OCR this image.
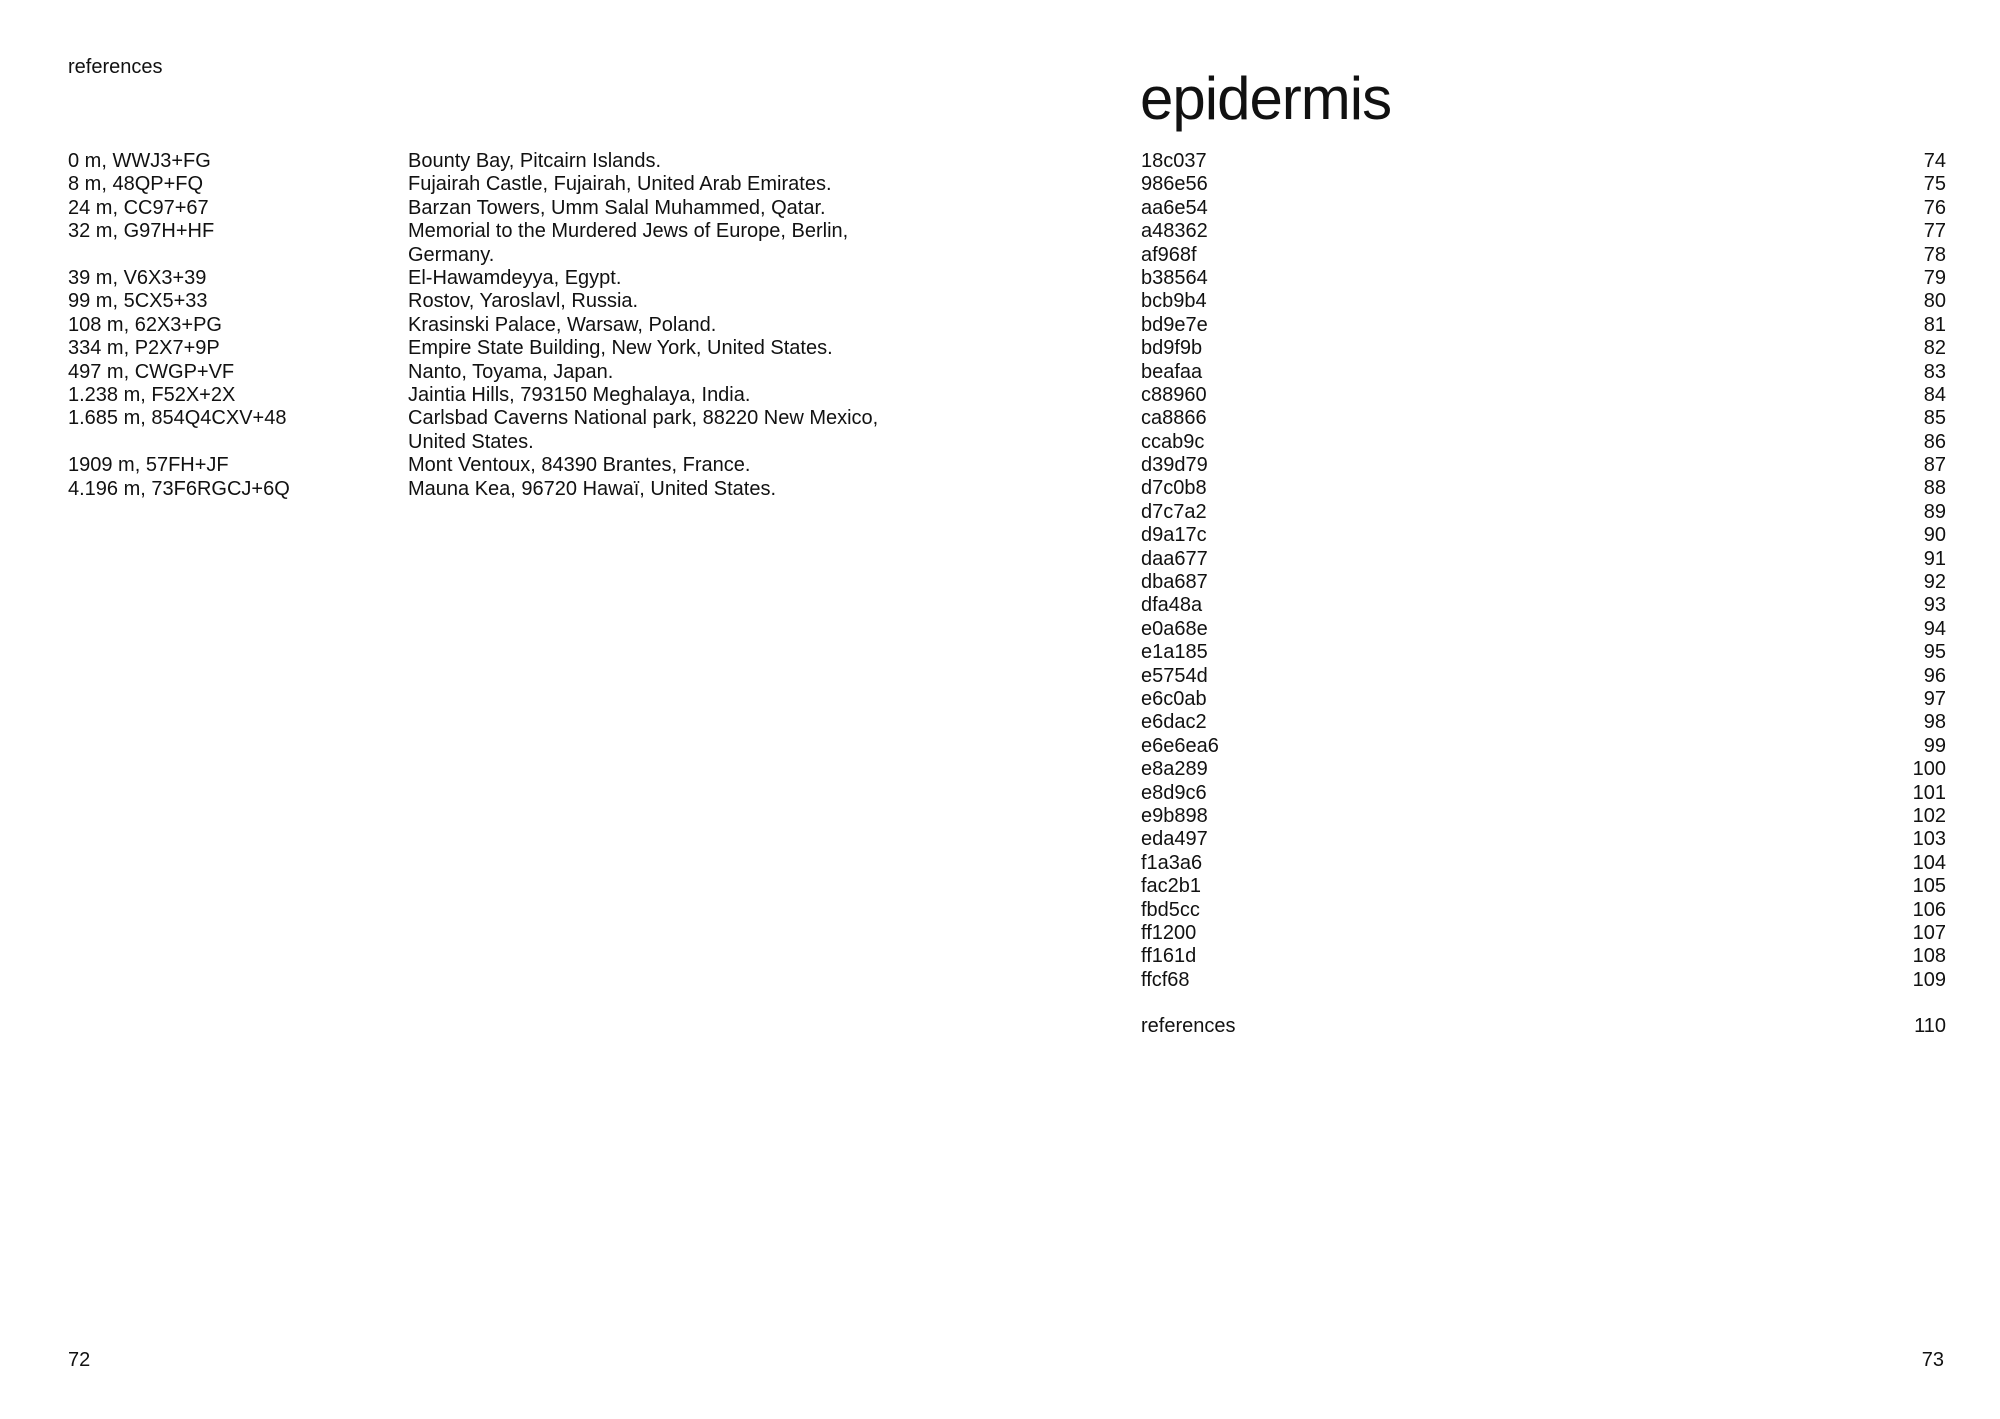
references
0 m, WWJ3+FG	Bounty Bay, Pitcairn Islands.
8 m, 48QP+FQ	Fujairah Castle, Fujairah, United Arab Emirates.
24 m, CC97+67	Barzan Towers, Umm Salal Muhammed, Qatar.
32 m, G97H+HF	Memorial to the Murdered Jews of Europe, Berlin, Germany.
39 m, V6X3+39	El-Hawamdeyya, Egypt.
99 m, 5CX5+33	Rostov, Yaroslavl, Russia.
108 m, 62X3+PG	Krasinski Palace, Warsaw, Poland.
334 m, P2X7+9P	Empire State Building, New York, United States.
497 m, CWGP+VF	Nanto, Toyama, Japan.
1.238 m, F52X+2X	Jaintia Hills, 793150 Meghalaya, India.
1.685 m, 854Q4CXV+48	Carlsbad Caverns National park, 88220 New Mexico, United States.
1909 m, 57FH+JF	Mont Ventoux, 84390 Brantes, France.
4.196 m, 73F6RGCJ+6Q	Mauna Kea, 96720 Hawaï, United States.
72
epidermis
18c037	74
986e56	75
aa6e54	76
a48362	77
af968f	78
b38564	79
bcb9b4	80
bd9e7e	81
bd9f9b	82
beafaa	83
c88960	84
ca8866	85
ccab9c	86
d39d79	87
d7c0b8	88
d7c7a2	89
d9a17c	90
daa677	91
dba687	92
dfa48a	93
e0a68e	94
e1a185	95
e5754d	96
e6c0ab	97
e6dac2	98
e6e6ea6	99
e8a289	100
e8d9c6	101
e9b898	102
eda497	103
f1a3a6	104
fac2b1	105
fbd5cc	106
ff1200	107
ff161d	108
ffcf68	109
references	110
73
